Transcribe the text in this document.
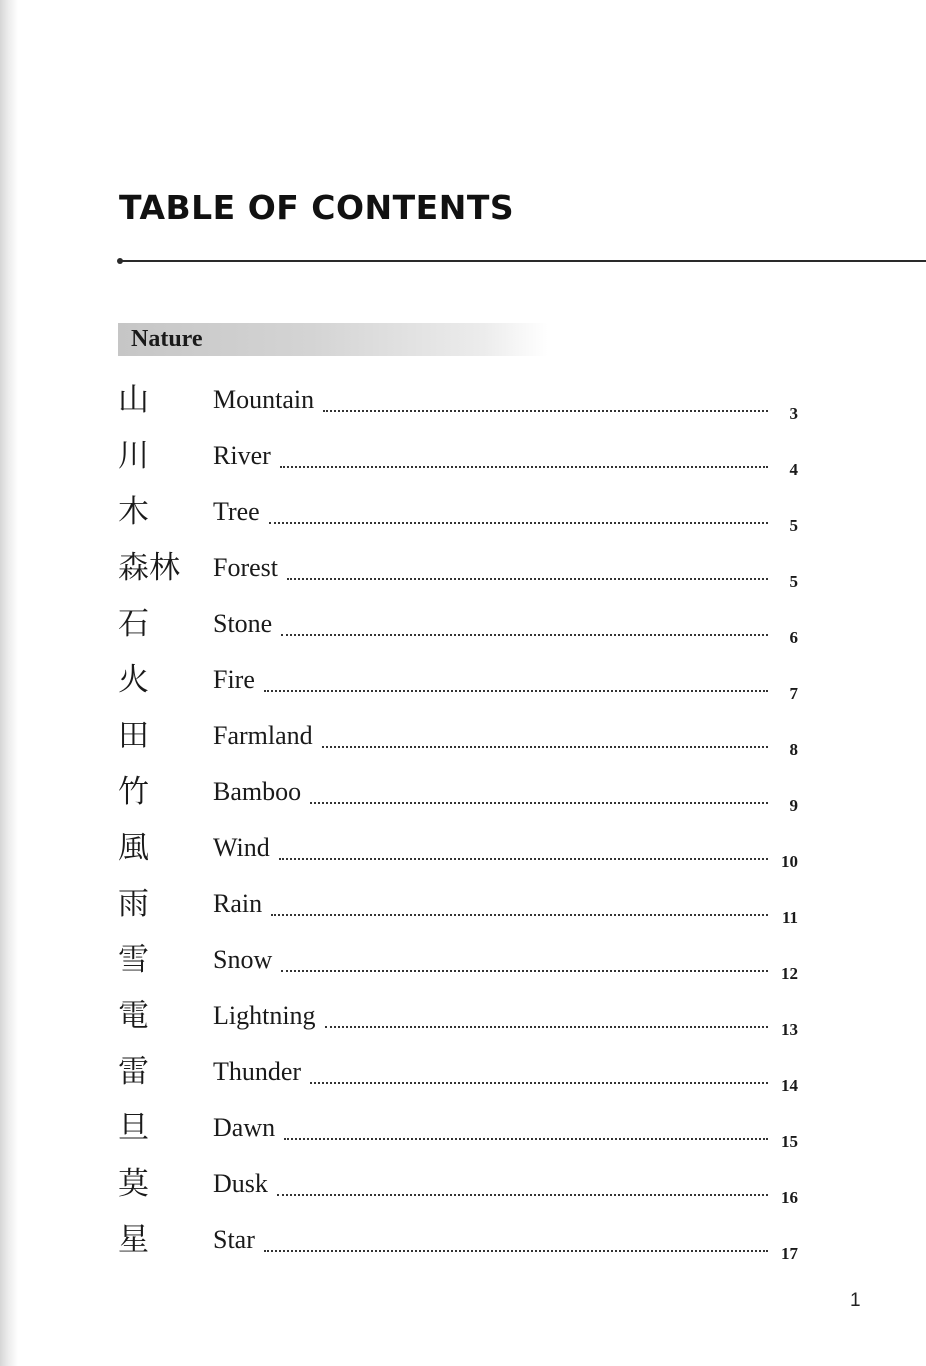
TABLE OF CONTENTS
Nature
山 Mountain	3
川 River	4
木 Tree	5
森林 Forest	5
石 Stone	6
火 Fire	7
田 Farmland	8
竹 Bamboo	9
風 Wind	10
雨 Rain	11
雪 Snow	12
電 Lightning	13
雷 Thunder	14
旦 Dawn	15
莫 Dusk	16
星 Star	17
1
